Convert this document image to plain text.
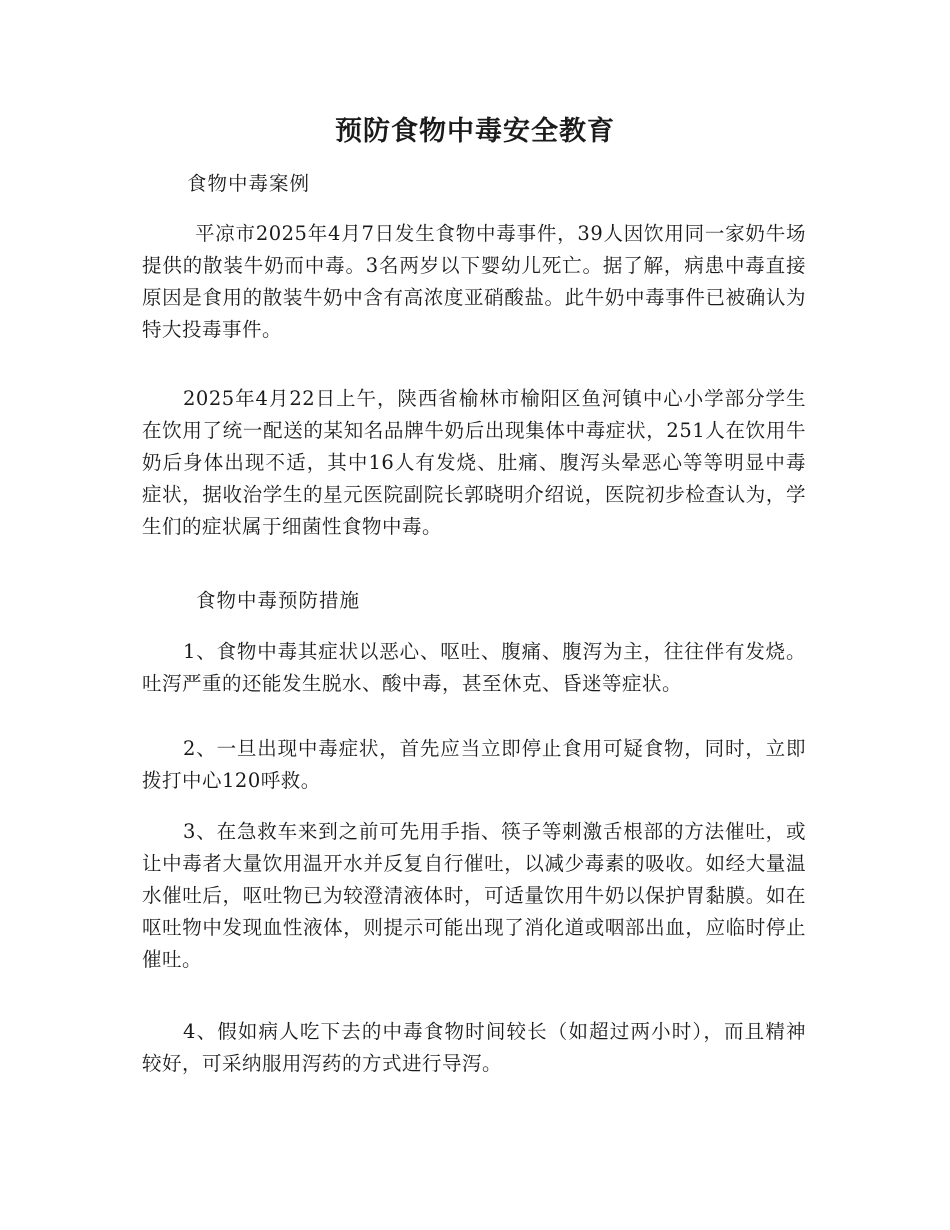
预防食物中毒安全教育

食物中毒案例

平凉市2025年4月7日发生食物中毒事件，39人因饮用同一家奶牛场提供的散装牛奶而中毒。3名两岁以下婴幼儿死亡。据了解，病患中毒直接原因是食用的散装牛奶中含有高浓度亚硝酸盐。此牛奶中毒事件已被确认为特大投毒事件。

2025年4月22日上午，陕西省榆林市榆阳区鱼河镇中心小学部分学生在饮用了统一配送的某知名品牌牛奶后出现集体中毒症状，251人在饮用牛奶后身体出现不适，其中16人有发烧、肚痛、腹泻头晕恶心等等明显中毒症状，据收治学生的星元医院副院长郭晓明介绍说，医院初步检查认为，学生们的症状属于细菌性食物中毒。

食物中毒预防措施

1、食物中毒其症状以恶心、呕吐、腹痛、腹泻为主，往往伴有发烧。吐泻严重的还能发生脱水、酸中毒，甚至休克、昏迷等症状。

2、一旦出现中毒症状，首先应当立即停止食用可疑食物，同时，立即拨打中心120呼救。

3、在急救车来到之前可先用手指、筷子等刺激舌根部的方法催吐，或让中毒者大量饮用温开水并反复自行催吐，以减少毒素的吸收。如经大量温水催吐后，呕吐物已为较澄清液体时，可适量饮用牛奶以保护胃黏膜。如在呕吐物中发现血性液体，则提示可能出现了消化道或咽部出血，应临时停止催吐。

4、假如病人吃下去的中毒食物时间较长（如超过两小时），而且精神较好，可采纳服用泻药的方式进行导泻。
